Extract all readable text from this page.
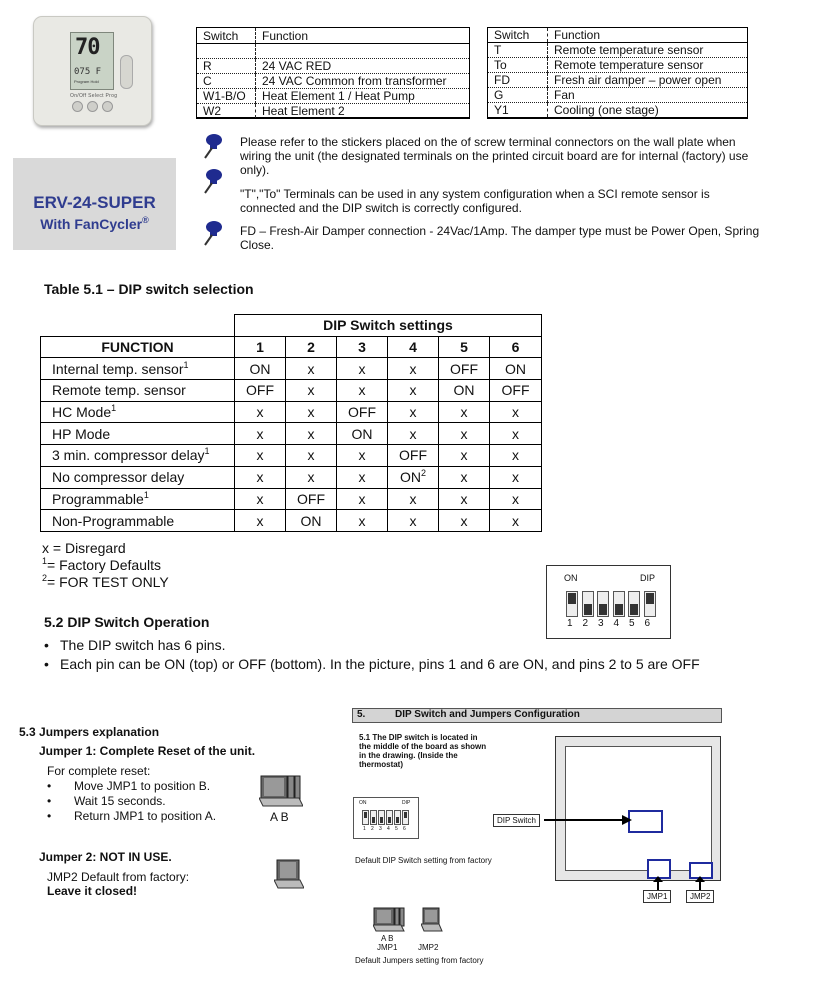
70
075 F
Program Hold
On/Off Select Prog
ERV-24-SUPER
With FanCycler®
Switch	Function

R	24 VAC RED
C	24 VAC Common from transformer
W1-B/O	Heat Element 1 / Heat Pump
W2	Heat Element 2
Switch	Function
T	Remote temperature sensor
To	Remote temperature sensor
FD	Fresh air damper – power open
G	Fan
Y1	Cooling (one stage)
Please refer to the stickers placed on the of screw terminal connectors on the wall plate when wiring the unit (the designated terminals on the printed circuit board are for internal (factory) use only).
"T","To" Terminals can be used in any system configuration when a SCI remote sensor is connected and the DIP switch is correctly configured.
FD – Fresh-Air Damper connection - 24Vac/1Amp. The damper type must be Power Open, Spring Close.
Table 5.1 – DIP switch selection
	DIP Switch settings					
FUNCTION	1	2	3	4	5	6
Internal temp. sensor$^1$	ON	x	x	x	OFF	ON
Remote temp. sensor	OFF	x	x	x	ON	OFF
HC Mode$^1$	x	x	OFF	x	x	x
HP Mode	x	x	ON	x	x	x
3 min. compressor delay$^1$	x	x	x	OFF	x	x
No compressor delay	x	x	x	$ON^2$	x	x
Programmable$^1$	x	OFF	x	x	x	x
Non-Programmable	x	ON	x	x	x	x
x = Disregard
$^1$= Factory Defaults
$^2$= FOR TEST ONLY	ON	DIP
1 2 3 4 5 6
5.2 DIP Switch Operation
• The DIP switch has 6 pins.
• Each pin can be ON (top) or OFF (bottom). In the picture, pins 1 and 6 are ON, and pins 2 to 5 are OFF
5.3 Jumpers explanation
Jumper 1: Complete Reset of the unit.
For complete reset:
• Move JMP1 to position B.
• Wait 15 seconds.
• Return JMP1 to position A.	A B
Jumper 2: NOT IN USE.
JMP2 Default from factory:
Leave it closed!
5.	DIP Switch and Jumpers Configuration
5.1 The DIP switch is located in the middle of the board as shown in the drawing. (Inside the thermostat)
ON	DIP
1 2 3 4 5 6
Default DIP Switch setting from factory
DIP Switch
JMP1	JMP2
A B
JMP1	JMP2
Default Jumpers setting from factory
